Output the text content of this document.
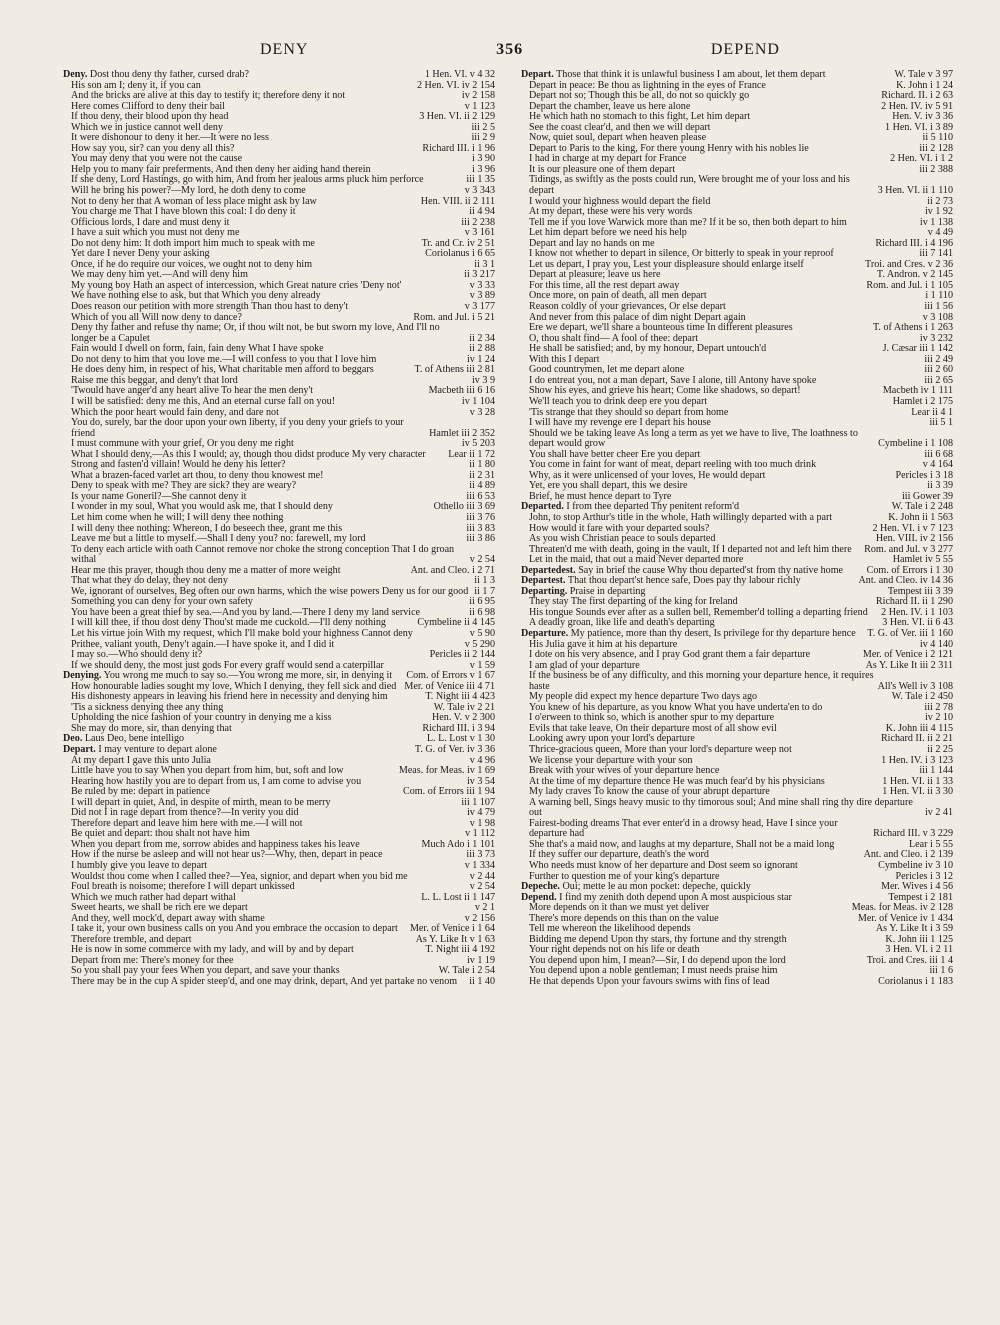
DENY	356	DEPEND
Deny. Dost thou deny thy father, cursed drab?	1 Hen. VI. v 4 32
His son am I; deny it, if you can	2 Hen. VI. iv 2 154
And the bricks are alive at this day to testify it; therefore deny it not	iv 2 158
Here comes Clifford to deny their bail	v 1 123
If thou deny, their blood upon thy head	3 Hen. VI. ii 2 129
Which we in justice cannot well deny	iii 2 5
It were dishonour to deny it her.—It were no less	iii 2 9
How say you, sir? can you deny all this?	Richard III. i 1 96
You may deny that you were not the cause	i 3 90
Help you to many fair preferments, And then deny her aiding hand therein	i 3 96
If she deny, Lord Hastings, go with him, And from her jealous arms pluck him perforce	iii 1 35
Will he bring his power?—My lord, he doth deny to come	v 3 343
Not to deny her that A woman of less place might ask by law	Hen. VIII. ii 2 111
You charge me That I have blown this coal: I do deny it	ii 4 94
Officious lords, I dare and must deny it	iii 2 238
I have a suit which you must not deny me	v 3 161
Do not deny him: It doth import him much to speak with me	Tr. and Cr. iv 2 51
Yet dare I never Deny your asking	Coriolanus i 6 65
Once, if he do require our voices, we ought not to deny him	ii 3 1
We may deny him yet.—And will deny him	ii 3 217
My young boy Hath an aspect of intercession, which Great nature cries 'Deny not'	v 3 33
We have nothing else to ask, but that Which you deny already	v 3 89
Does reason our petition with more strength Than thou hast to deny't	v 3 177
Which of you all Will now deny to dance?	Rom. and Jul. i 5 21
Deny thy father and refuse thy name; Or, if thou wilt not, be but sworn my love, And I'll no longer be a Capulet	ii 2 34
Fain would I dwell on form, fain, fain deny What I have spoke	ii 2 88
Do not deny to him that you love me.—I will confess to you that I love him	iv 1 24
He does deny him, in respect of his, What charitable men afford to beggars	T. of Athens iii 2 81
Raise me this beggar, and deny't that lord	iv 3 9
'Twould have anger'd any heart alive To hear the men deny't	Macbeth iii 6 16
I will be satisfied: deny me this, And an eternal curse fall on you!	iv 1 104
Which the poor heart would fain deny, and dare not	v 3 28
You do, surely, bar the door upon your own liberty, if you deny your griefs to your friend	Hamlet iii 2 352
I must commune with your grief, Or you deny me right	iv 5 203
What I should deny,—As this I would; ay, though thou didst produce My very character	Lear ii 1 72
Strong and fasten'd villain! Would he deny his letter?	ii 1 80
What a brazen-faced varlet art thou, to deny thou knowest me!	ii 2 31
Deny to speak with me? They are sick? they are weary?	ii 4 89
Is your name Goneril?—She cannot deny it	iii 6 53
I wonder in my soul, What you would ask me, that I should deny	Othello iii 3 69
Let him come when he will; I will deny thee nothing	iii 3 76
I will deny thee nothing: Whereon, I do beseech thee, grant me this	iii 3 83
Leave me but a little to myself.—Shall I deny you? no: farewell, my lord	iii 3 86
To deny each article with oath Cannot remove nor choke the strong conception That I do groan withal	v 2 54
Hear me this prayer, though thou deny me a matter of more weight	Ant. and Cleo. i 2 71
That what they do delay, they not deny	ii 1 3
We, ignorant of ourselves, Beg often our own harms, which the wise powers Deny us for our good ii 1 7
Something you can deny for your own safety	ii 6 95
You have been a great thief by sea.—And you by land.—There I deny my land service	ii 6 98
I will kill thee, if thou dost deny Thou'st made me cuckold.—I'll deny nothing	Cymbeline ii 4 145
Let his virtue join With my request, which I'll make bold your highness Cannot deny	v 5 90
Prithee, valiant youth, Deny't again.—I have spoke it, and I did it	v 5 290
I may so.—Who should deny it?	Pericles ii 2 144
If we should deny, the most just gods For every graff would send a caterpillar	v 1 59
Denying. You wrong me much to say so.—You wrong me more, sir, in denying it	Com. of Errors v 1 67
How honourable ladies sought my love, Which I denying, they fell sick and died Mer. of Venice iii 4 71
His dishonesty appears in leaving his friend here in necessity and denying him	T. Night iii 4 423
'Tis a sickness denying thee any thing	W. Tale iv 2 21
Upholding the nice fashion of your country in denying me a kiss	Hen. V. v 2 300
She may do more, sir, than denying that	Richard III. i 3 94
Deo. Laus Deo, bene intelligo	L. L. Lost v 1 30
Depart. I may venture to depart alone	T. G. of Ver. iv 3 36
At my depart I gave this unto Julia	v 4 96
Little have you to say When you depart from him, but, soft and low	Meas. for Meas. iv 1 69
Hearing how hastily you are to depart from us, I am come to advise you	iv 3 54
Be ruled by me: depart in patience	Com. of Errors iii 1 94
I will depart in quiet, And, in despite of mirth, mean to be merry	iii 1 107
Did not I in rage depart from thence?—In verity you did	iv 4 79
Therefore depart and leave him here with me.—I will not	v 1 98
Be quiet and depart: thou shalt not have him	v 1 112
When you depart from me, sorrow abides and happiness takes his leave	Much Ado i 1 101
How if the nurse be asleep and will not hear us?—Why, then, depart in peace	iii 3 73
I humbly give you leave to depart	v 1 334
Wouldst thou come when I called thee?—Yea, signior, and depart when you bid me	v 2 44
Foul breath is noisome; therefore I will depart unkissed	v 2 54
Which we much rather had depart withal	L. L. Lost ii 1 147
Sweet hearts, we shall be rich ere we depart	v 2 1
And they, well mock'd, depart away with shame	v 2 156
I take it, your own business calls on you And you embrace the occasion to depart	Mer. of Venice i 1 64
Therefore tremble, and depart	As Y. Like It v 1 63
He is now in some commerce with my lady, and will by and by depart	T. Night iii 4 192
Depart from me: There's money for thee	iv 1 19
So you shall pay your fees When you depart, and save your thanks	W. Tale i 2 54
There may be in the cup A spider steep'd, and one may drink, depart, And yet partake no venom	ii 1 40
Depart. Those that think it is unlawful business I am about, let them depart	W. Tale v 3 97
Depart in peace: Be thou as lightning in the eyes of France	K. John i 1 24
Depart not so; Though this be all, do not so quickly go	Richard. II. i 2 63
Depart the chamber, leave us here alone	2 Hen. IV. iv 5 91
He which hath no stomach to this fight, Let him depart	Hen. V. iv 3 36
See the coast clear'd, and then we will depart	1 Hen. VI. i 3 89
Now, quiet soul, depart when heaven please	ii 5 110
Depart to Paris to the king, For there young Henry with his nobles lie	iii 2 128
I had in charge at my depart for France	2 Hen. VI. i 1 2
It is our pleasure one of them depart	iii 2 388
Tidings, as swiftly as the posts could run, Were brought me of your loss and his depart	3 Hen. VI. ii 1 110
I would your highness would depart the field	ii 2 73
At my depart, these were his very words	iv 1 92
Tell me if you love Warwick more than me? If it be so, then both depart to him	iv 1 138
Let him depart before we need his help	v 4 49
Depart and lay no hands on me	Richard III. i 4 196
I know not whether to depart in silence, Or bitterly to speak in your reproof	iii 7 141
Let us depart, I pray you, Lest your displeasure should enlarge itself	Troi. and Cres. v 2 36
Depart at pleasure; leave us here	T. Andron. v 2 145
For this time, all the rest depart away	Rom. and Jul. i 1 105
Once more, on pain of death, all men depart	i 1 110
Reason coldly of your grievances, Or else depart	iii 1 56
And never from this palace of dim night Depart again	v 3 108
Ere we depart, we'll share a bounteous time In different pleasures	T. of Athens i 1 263
O, thou shalt find— A fool of thee: depart	iv 3 232
He shall be satisfied; and, by my honour, Depart untouch'd	J. Cæsar iii 1 142
With this I depart	iii 2 49
Good countrymen, let me depart alone	iii 2 60
I do entreat you, not a man depart, Save I alone, till Antony have spoke	iii 2 65
Show his eyes, and grieve his heart; Come like shadows, so depart!	Macbeth iv 1 111
We'll teach you to drink deep ere you depart	Hamlet i 2 175
'Tis strange that they should so depart from home	Lear ii 4 1
I will have my revenge ere I depart his house	iii 5 1
Should we be taking leave As long a term as yet we have to live, The loathness to depart would grow	Cymbeline i 1 108
You shall have better cheer Ere you depart	iii 6 68
You come in faint for want of meat, depart reeling with too much drink	v 4 164
Why, as it were unlicensed of your loves, He would depart	Pericles i 3 18
Yet, ere you shall depart, this we desire	ii 3 39
Brief, he must hence depart to Tyre	iii Gower 39
Departed. I from thee departed Thy penitent reform'd	W. Tale i 2 248
John, to stop Arthur's title in the whole, Hath willingly departed with a part	K. John ii 1 563
How would it fare with your departed souls?	2 Hen. VI. i v 7 123
As you wish Christian peace to souls departed	Hen. VIII. iv 2 156
Threaten'd me with death, going in the vault, If I departed not and left him there	Rom. and Jul. v 3 277
Let in the maid, that out a maid Never departed more	Hamlet iv 5 55
Departedest. Say in brief the cause Why thou departed'st from thy native home	Com. of Errors i 1 30
Departest. That thou depart'st hence safe, Does pay thy labour richly	Ant. and Cleo. iv 14 36
Departing. Praise in departing	Tempest iii 3 39
They stay The first departing of the king for Ireland	Richard II. ii 1 290
His tongue Sounds ever after as a sullen bell, Remember'd tolling a departing friend	2 Hen. IV. i 1 103
A deadly groan, like life and death's departing	3 Hen. VI. ii 6 43
Departure. My patience, more than thy desert, Is privilege for thy departure hence	T. G. of Ver. iii 1 160
His Julia gave it him at his departure	iv 4 140
I dote on his very absence, and I pray God grant them a fair departure	Mer. of Venice i 2 121
I am glad of your departure	As Y. Like It iii 2 311
If the business be of any difficulty, and this morning your departure hence, it requires haste	All's Well iv 3 108
My people did expect my hence departure Two days ago	W. Tale i 2 450
You knew of his departure, as you know What you have underta'en to do	iii 2 78
I o'erween to think so, which is another spur to my departure	iv 2 10
Evils that take leave, On their departure most of all show evil	K. John iii 4 115
Looking awry upon your lord's departure	Richard II. ii 2 21
Thrice-gracious queen, More than your lord's departure weep not	ii 2 25
We license your departure with your son	1 Hen. IV. i 3 123
Break with your wives of your departure hence	iii 1 144
At the time of my departure thence He was much fear'd by his physicians	1 Hen. VI. ii 1 33
My lady craves To know the cause of your abrupt departure	1 Hen. VI. ii 3 30
A warning bell, Sings heavy music to thy timorous soul; And mine shall ring thy dire departure out	iv 2 41
Fairest-boding dreams That ever enter'd in a drowsy head, Have I since your departure had	Richard III. v 3 229
She that's a maid now, and laughs at my departure, Shall not be a maid long	Lear i 5 55
If they suffer our departure, death's the word	Ant. and Cleo. i 2 139
Who needs must know of her departure and Dost seem so ignorant	Cymbeline iv 3 10
Further to question me of your king's departure	Pericles i 3 12
Depeche. Oui; mette le au mon pocket: depeche, quickly	Mer. Wives i 4 56
Depend. I find my zenith doth depend upon A most auspicious star	Tempest i 2 181
More depends on it than we must yet deliver	Meas. for Meas. iv 2 128
There's more depends on this than on the value	Mer. of Venice iv 1 434
Tell me whereon the likelihood depends	As Y. Like It i 3 59
Bidding me depend Upon thy stars, thy fortune and thy strength	K. John iii 1 125
Your right depends not on his life or death	3 Hen. VI. i 2 11
You depend upon him, I mean?—Sir, I do depend upon the lord	Troi. and Cres. iii 1 4
You depend upon a noble gentleman; I must needs praise him	iii 1 6
He that depends Upon your favours swims with fins of lead	Coriolanus i 1 183
